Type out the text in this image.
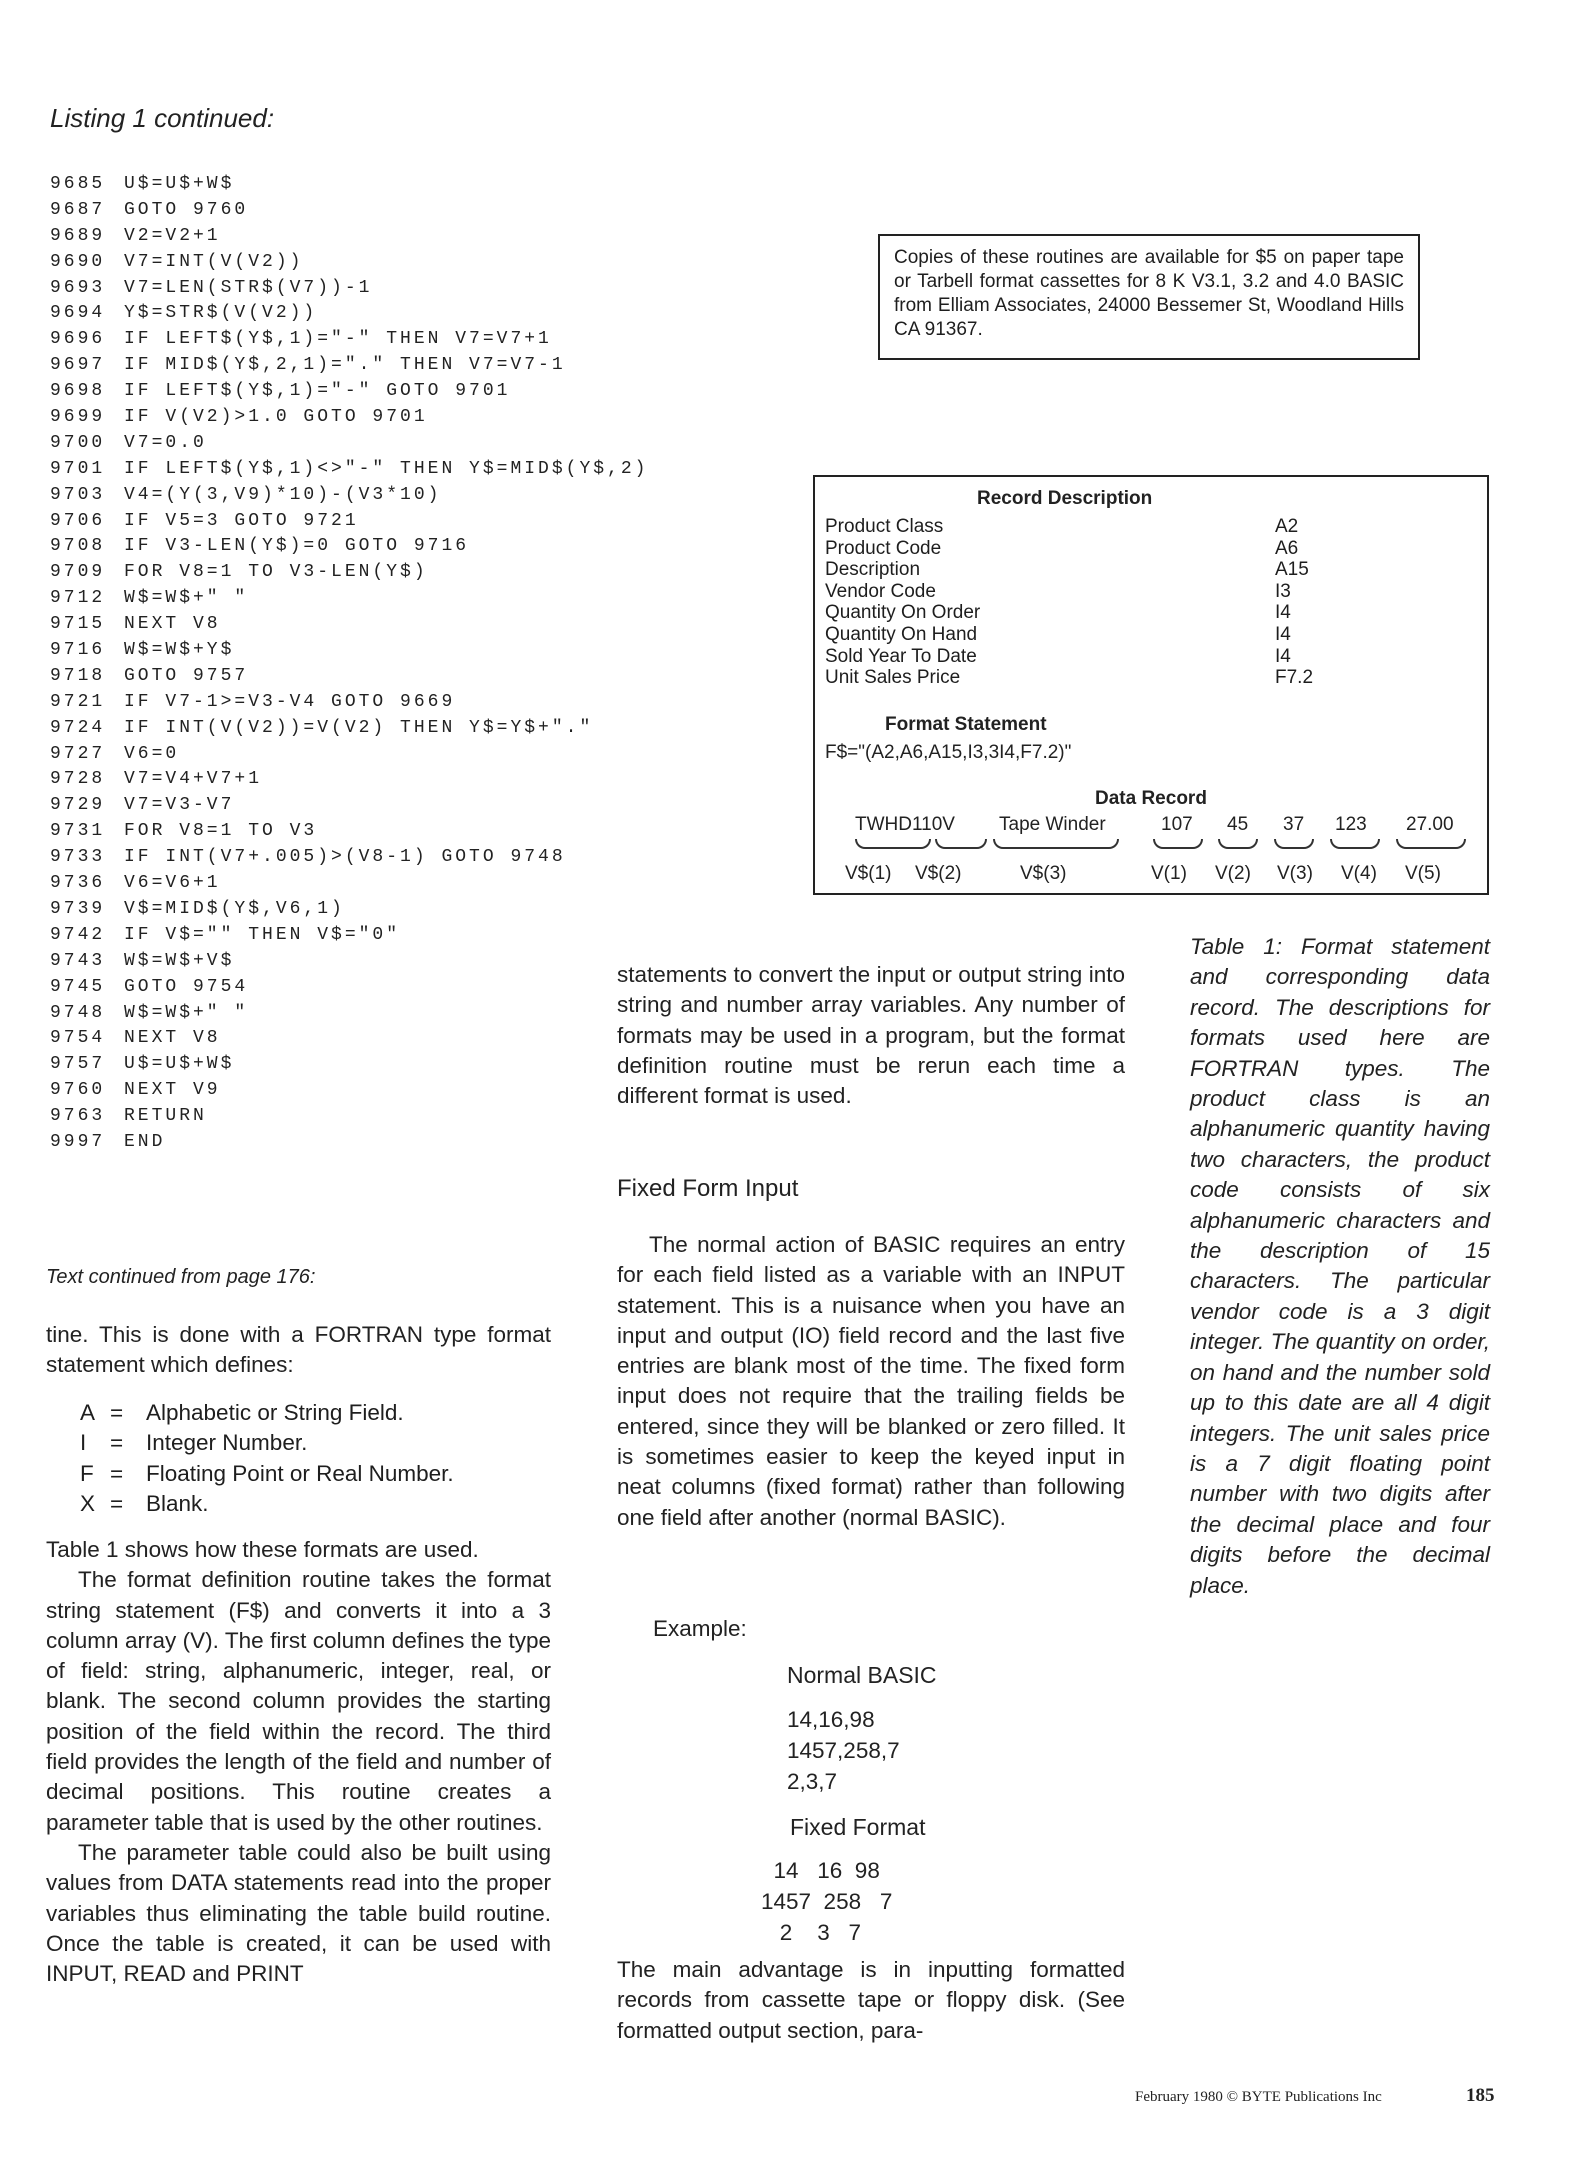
Listing 1 continued:
9685 U$=U$+W$
9687 GOTO 9760
9689 V2=V2+1
9690 V7=INT(V(V2))
9693 V7=LEN(STR$(V7))-1
9694 Y$=STR$(V(V2))
9696 IF LEFT$(Y$,1)="-" THEN V7=V7+1
9697 IF MID$(Y$,2,1)="." THEN V7=V7-1
9698 IF LEFT$(Y$,1)="-" GOTO 9701
9699 IF V(V2)>1.0 GOTO 9701
9700 V7=0.0
9701 IF LEFT$(Y$,1)<>"-" THEN Y$=MID$(Y$,2)
9703 V4=(Y(3,V9)*10)-(V3*10)
9706 IF V5=3 GOTO 9721
9708 IF V3-LEN(Y$)=0 GOTO 9716
9709 FOR V8=1 TO V3-LEN(Y$)
9712 W$=W$+" "
9715 NEXT V8
9716 W$=W$+Y$
9718 GOTO 9757
9721 IF V7-1>=V3-V4 GOTO 9669
9724 IF INT(V(V2))=V(V2) THEN Y$=Y$+"."
9727 V6=0
9728 V7=V4+V7+1
9729 V7=V3-V7
9731 FOR V8=1 TO V3
9733 IF INT(V7+.005)>(V8-1) GOTO 9748
9736 V6=V6+1
9739 V$=MID$(Y$,V6,1)
9742 IF V$="" THEN V$="0"
9743 W$=W$+V$
9745 GOTO 9754
9748 W$=W$+" "
9754 NEXT V8
9757 U$=U$+W$
9760 NEXT V9
9763 RETURN
9997 END
Copies of these routines are available for $5 on paper tape or Tarbell format cassettes for 8 K V3.1, 3.2 and 4.0 BASIC from Elliam Associates, 24000 Bessemer St, Woodland Hills CA 91367.
Record Description
Product Class	A2
Product Code	A6
Description	A15
Vendor Code	I3
Quantity On Order	I4
Quantity On Hand	I4
Sold Year To Date	I4
Unit Sales Price	F7.2
Format Statement
F$="(A2,A6,A15,I3,3I4,F7.2)"
Data Record
TWHD110V Tape Winder	107 45 37 123 27.00
V$(1) V$(2)	V$(3)	V(1) V(2) V(3) V(4) V(5)
Table 1: Format statement and corresponding data record. The descriptions for formats used here are FORTRAN types. The product class is an alphanumeric quantity having two characters, the product code consists of six alphanumeric characters and the description of 15 characters. The particular vendor code is a 3 digit integer. The quantity on order, on hand and the number sold up to this date are all 4 digit integers. The unit sales price is a 7 digit floating point number with two digits after the decimal place and four digits before the decimal place.
Text continued from page 176:

tine. This is done with a FORTRAN type format statement which defines:

A =	Alphabetic or String Field.
I	=	Integer Number.
F =	Floating Point or Real Number.
X =	Blank.

Table 1 shows how these formats are used.

The format definition routine takes the format string statement (F$) and converts it into a 3 column array (V). The first column defines the type of field: string, alphanumeric, integer, real, or blank. The second column provides the starting position of the field within the record. The third field provides the length of the field and number of decimal positions. This routine creates a parameter table that is used by the other routines.

The parameter table could also be built using values from DATA statements read into the proper variables thus eliminating the table build routine. Once the table is created, it can be used with INPUT, READ and PRINT

statements to convert the input or output string into string and number array variables. Any number of formats may be used in a program, but the format definition routine must be rerun each time a different format is used.

Fixed Form Input

The normal action of BASIC requires an entry for each field listed as a variable with an INPUT statement. This is a nuisance when you have an input and output (IO) field record and the last five entries are blank most of the time. The fixed form input does not require that the trailing fields be entered, since they will be blanked or zero filled. It is sometimes easier to keep the keyed input in neat columns (fixed format) rather than following one field after another (normal BASIC).

Example:
Normal BASIC
14,16,98
1457,258,7
2,3,7
Fixed Format
14   16  98
1457  258   7
2    3   7

The main advantage is in inputting formatted records from cassette tape or floppy disk. (See formatted output section, para-

February 1980 © BYTE Publications Inc	185
